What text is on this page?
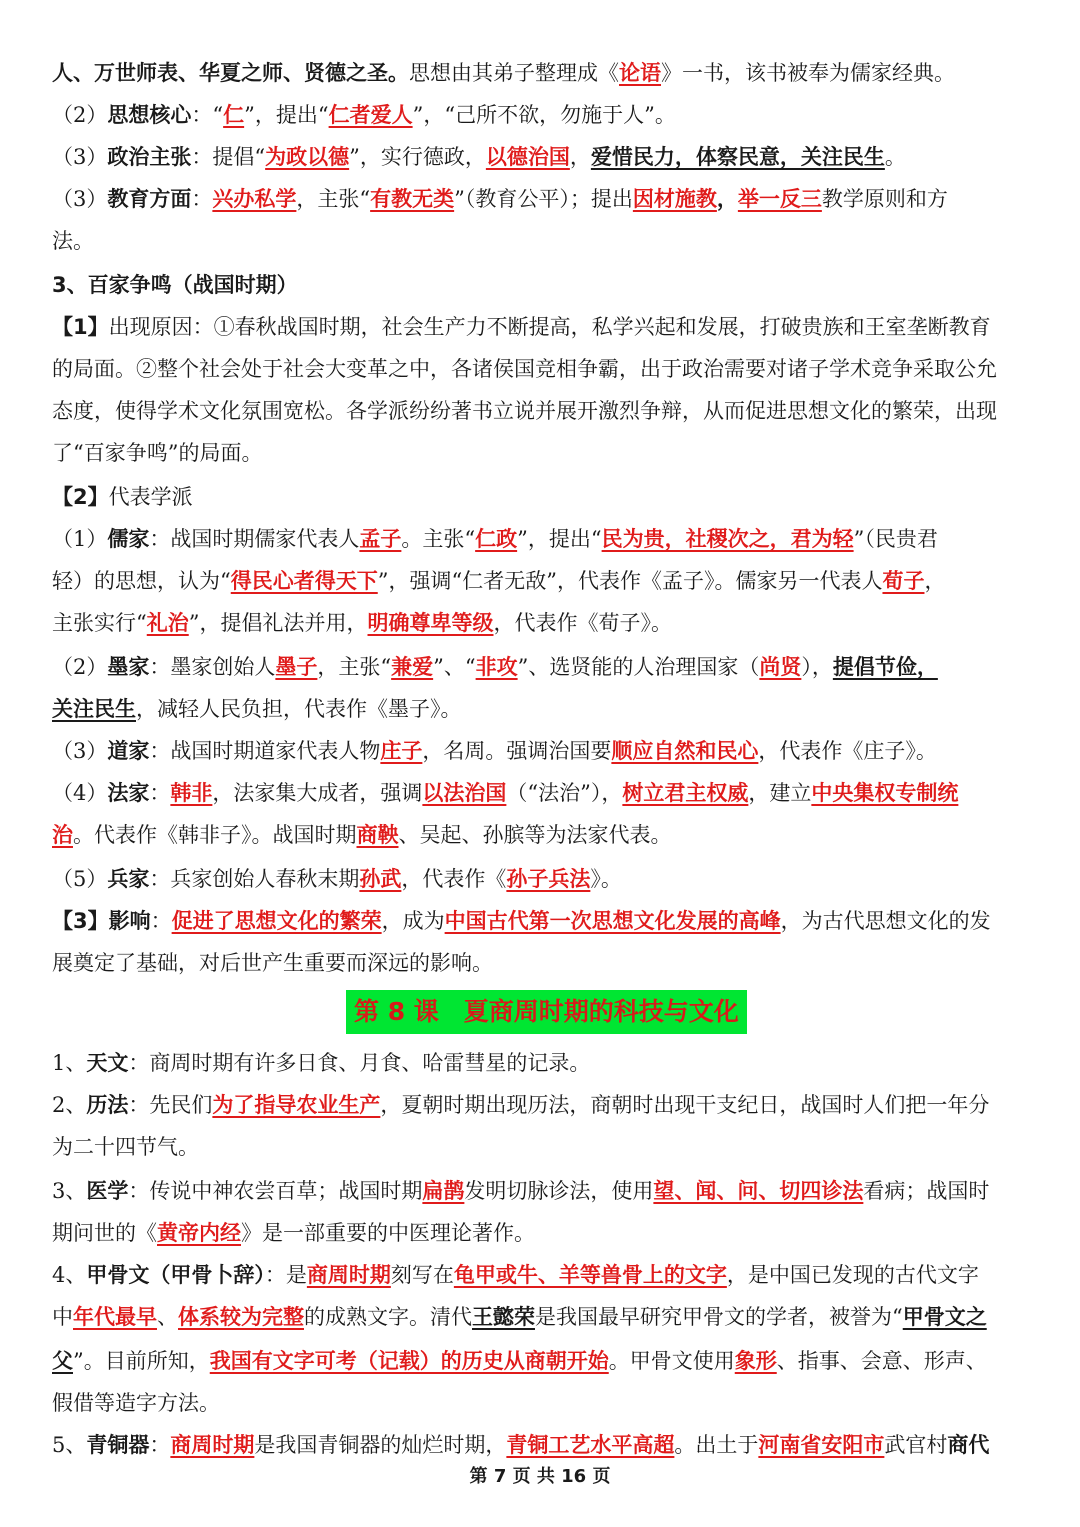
人、万世师表、华夏之师、贤德之圣。思想由其弟子整理成《论语》一书，该书被奉为儒家经典。
（2）思想核心：“仁”，提出“仁者爱人”，“己所不欲，勿施于人”。
（3）政治主张：提倡“为政以德”，实行德政，以德治国，爱惜民力，体察民意，关注民生。
（3）教育方面：兴办私学，主张“有教无类”（教育公平）；提出因材施教，举一反三教学原则和方
法。
3、百家争鸣（战国时期）
【1】出现原因：①春秋战国时期，社会生产力不断提高，私学兴起和发展，打破贵族和王室垄断教育
的局面。②整个社会处于社会大变革之中，各诸侯国竞相争霸，出于政治需要对诸子学术竞争采取公允
态度，使得学术文化氛围宽松。各学派纷纷著书立说并展开激烈争辩，从而促进思想文化的繁荣，出现
了“百家争鸣”的局面。
【2】代表学派
（1）儒家：战国时期儒家代表人孟子。主张“仁政”，提出“民为贵，社稷次之，君为轻”（民贵君
轻）的思想，认为“得民心者得天下”，强调“仁者无敌”，代表作《孟子》。儒家另一代表人荀子，
主张实行“礼治”，提倡礼法并用，明确尊卑等级，代表作《荀子》。
（2）墨家：墨家创始人墨子，主张“兼爱”、“非攻”、选贤能的人治理国家（尚贤），提倡节俭，
关注民生，减轻人民负担，代表作《墨子》。
（3）道家：战国时期道家代表人物庄子，名周。强调治国要顺应自然和民心，代表作《庄子》。
（4）法家：韩非，法家集大成者，强调以法治国（“法治”），树立君主权威，建立中央集权专制统
治。代表作《韩非子》。战国时期商鞅、吴起、孙膑等为法家代表。
（5）兵家：兵家创始人春秋末期孙武，代表作《孙子兵法》。
【3】影响：促进了思想文化的繁荣，成为中国古代第一次思想文化发展的高峰，为古代思想文化的发
展奠定了基础，对后世产生重要而深远的影响。
1、天文：商周时期有许多日食、月食、哈雷彗星的记录。
2、历法：先民们为了指导农业生产，夏朝时期出现历法，商朝时出现干支纪日，战国时人们把一年分
为二十四节气。
3、医学：传说中神农尝百草；战国时期扁鹊发明切脉诊法，使用望、闻、问、切四诊法看病；战国时
期问世的《黄帝内经》是一部重要的中医理论著作。
4、甲骨文（甲骨卜辞）：是商周时期刻写在龟甲或牛、羊等兽骨上的文字，是中国已发现的古代文字
中年代最早、体系较为完整的成熟文字。清代王懿荣是我国最早研究甲骨文的学者，被誉为“甲骨文之
父”。目前所知，我国有文字可考（记载）的历史从商朝开始。甲骨文使用象形、指事、会意、形声、
假借等造字方法。
5、青铜器：商周时期是我国青铜器的灿烂时期，青铜工艺水平高超。出土于河南省安阳市武官村商代
第 8 课　夏商周时期的科技与文化
第 7 页 共 16 页
